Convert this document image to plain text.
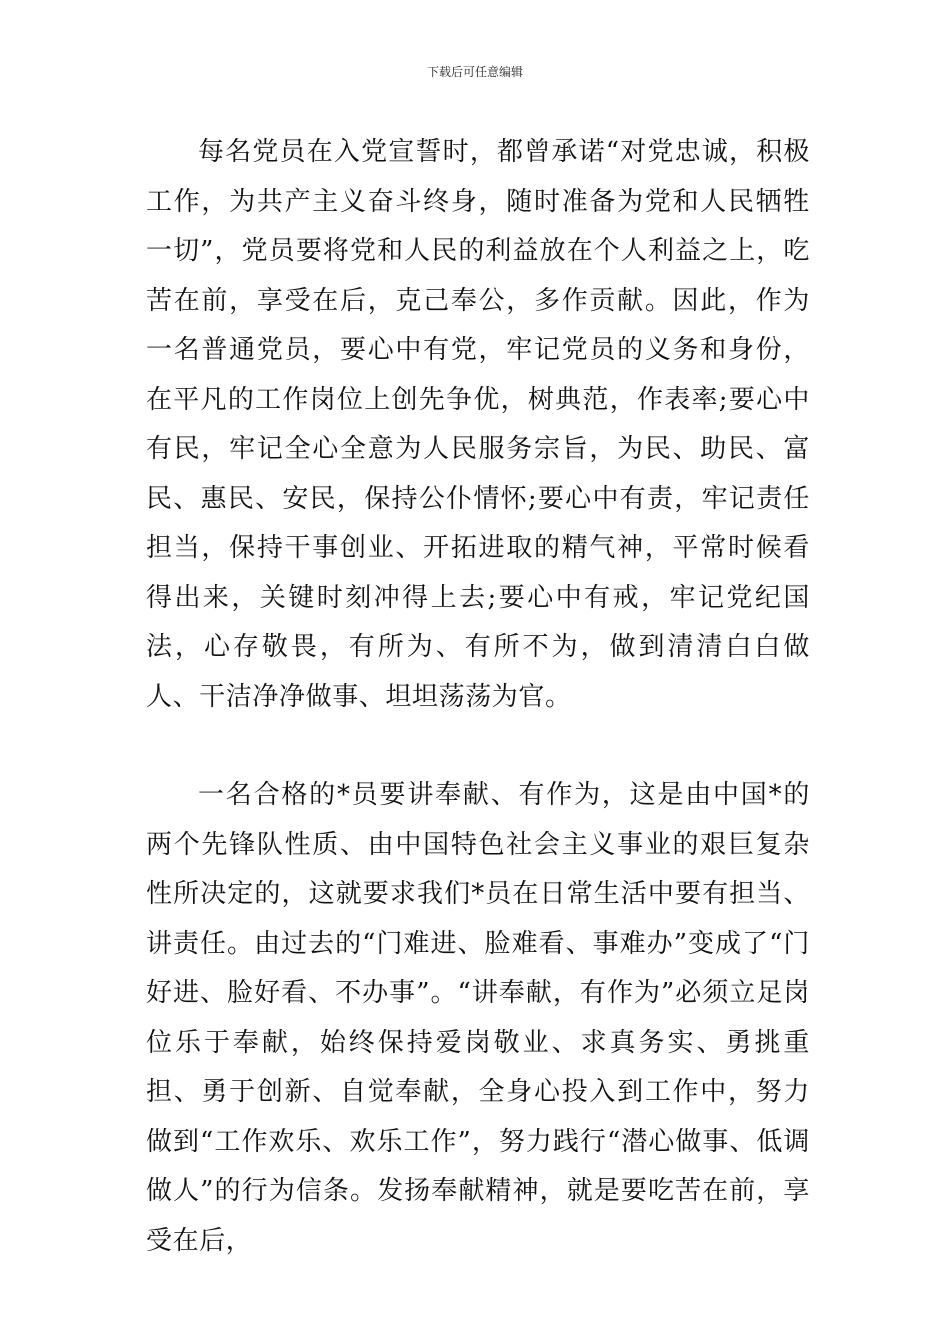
下载后可任意编辑

每名党员在入党宣誓时，都曾承诺“对党忠诚，积极工作，为共产主义奋斗终身，随时准备为党和人民牺牲一切”，党员要将党和人民的利益放在个人利益之上，吃苦在前，享受在后，克己奉公，多作贡献。因此，作为一名普通党员，要心中有党，牢记党员的义务和身份，在平凡的工作岗位上创先争优，树典范，作表率;要心中有民，牢记全心全意为人民服务宗旨，为民、助民、富民、惠民、安民，保持公仆情怀;要心中有责，牢记责任担当，保持干事创业、开拓进取的精气神，平常时候看得出来，关键时刻冲得上去;要心中有戒，牢记党纪国法，心存敬畏，有所为、有所不为，做到清清白白做人、干洁净净做事、坦坦荡荡为官。

一名合格的*员要讲奉献、有作为，这是由中国*的两个先锋队性质、由中国特色社会主义事业的艰巨复杂性所决定的，这就要求我们*员在日常生活中要有担当、讲责任。由过去的“门难进、脸难看、事难办”变成了“门好进、脸好看、不办事”。“讲奉献，有作为”必须立足岗位乐于奉献，始终保持爱岗敬业、求真务实、勇挑重担、勇于创新、自觉奉献，全身心投入到工作中，努力做到“工作欢乐、欢乐工作”，努力践行“潜心做事、低调做人”的行为信条。发扬奉献精神，就是要吃苦在前，享受在后，
